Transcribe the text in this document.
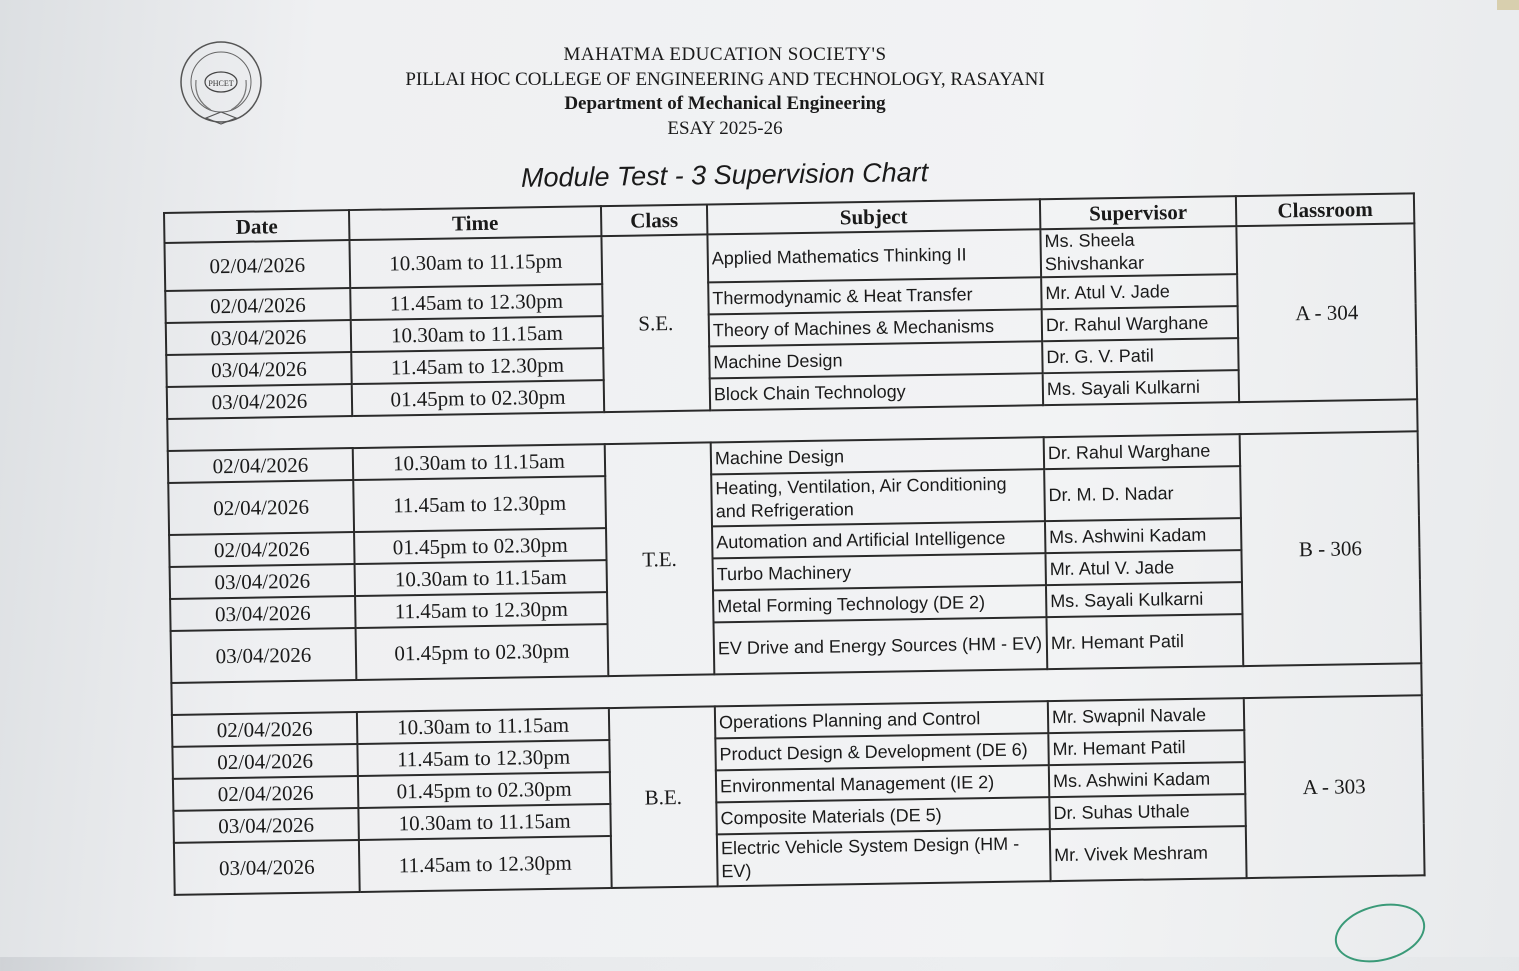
PHCET
MAHATMA EDUCATION SOCIETY'S
PILLAI HOC COLLEGE OF ENGINEERING AND TECHNOLOGY, RASAYANI
Department of Mechanical Engineering
ESAY 2025-26
Module Test - 3 Supervision Chart
Date	Time	Class	Subject	Supervisor	Classroom
02/04/2026	10.30am to 11.15pm	S.E.	Applied Mathematics Thinking II	Ms. Sheela Shivshankar	A - 304
02/04/2026	11.45am to 12.30pm		Thermodynamic & Heat Transfer	Mr. Atul V. Jade	
03/04/2026	10.30am to 11.15am		Theory of Machines & Mechanisms	Dr. Rahul Warghane	
03/04/2026	11.45am to 12.30pm		Machine Design	Dr. G. V. Patil	
03/04/2026	01.45pm to 02.30pm		Block Chain Technology	Ms. Sayali Kulkarni	

02/04/2026	10.30am to 11.15am	T.E.	Machine Design	Dr. Rahul Warghane	B - 306
02/04/2026	11.45am to 12.30pm		Heating, Ventilation, Air Conditioning and Refrigeration	Dr. M. D. Nadar	
02/04/2026	01.45pm to 02.30pm		Automation and Artificial Intelligence	Ms. Ashwini Kadam	
03/04/2026	10.30am to 11.15am		Turbo Machinery	Mr. Atul V. Jade	
03/04/2026	11.45am to 12.30pm		Metal Forming Technology (DE 2)	Ms. Sayali Kulkarni	
03/04/2026	01.45pm to 02.30pm		EV Drive and Energy Sources (HM - EV)	Mr. Hemant Patil	

02/04/2026	10.30am to 11.15am	B.E.	Operations Planning and Control	Mr. Swapnil Navale	A - 303
02/04/2026	11.45am to 12.30pm		Product Design & Development (DE 6)	Mr. Hemant Patil	
02/04/2026	01.45pm to 02.30pm		Environmental Management (IE 2)	Ms. Ashwini Kadam	
03/04/2026	10.30am to 11.15am		Composite Materials (DE 5)	Dr. Suhas Uthale	
03/04/2026	11.45am to 12.30pm		Electric Vehicle System Design (HM - EV)	Mr. Vivek Meshram	
